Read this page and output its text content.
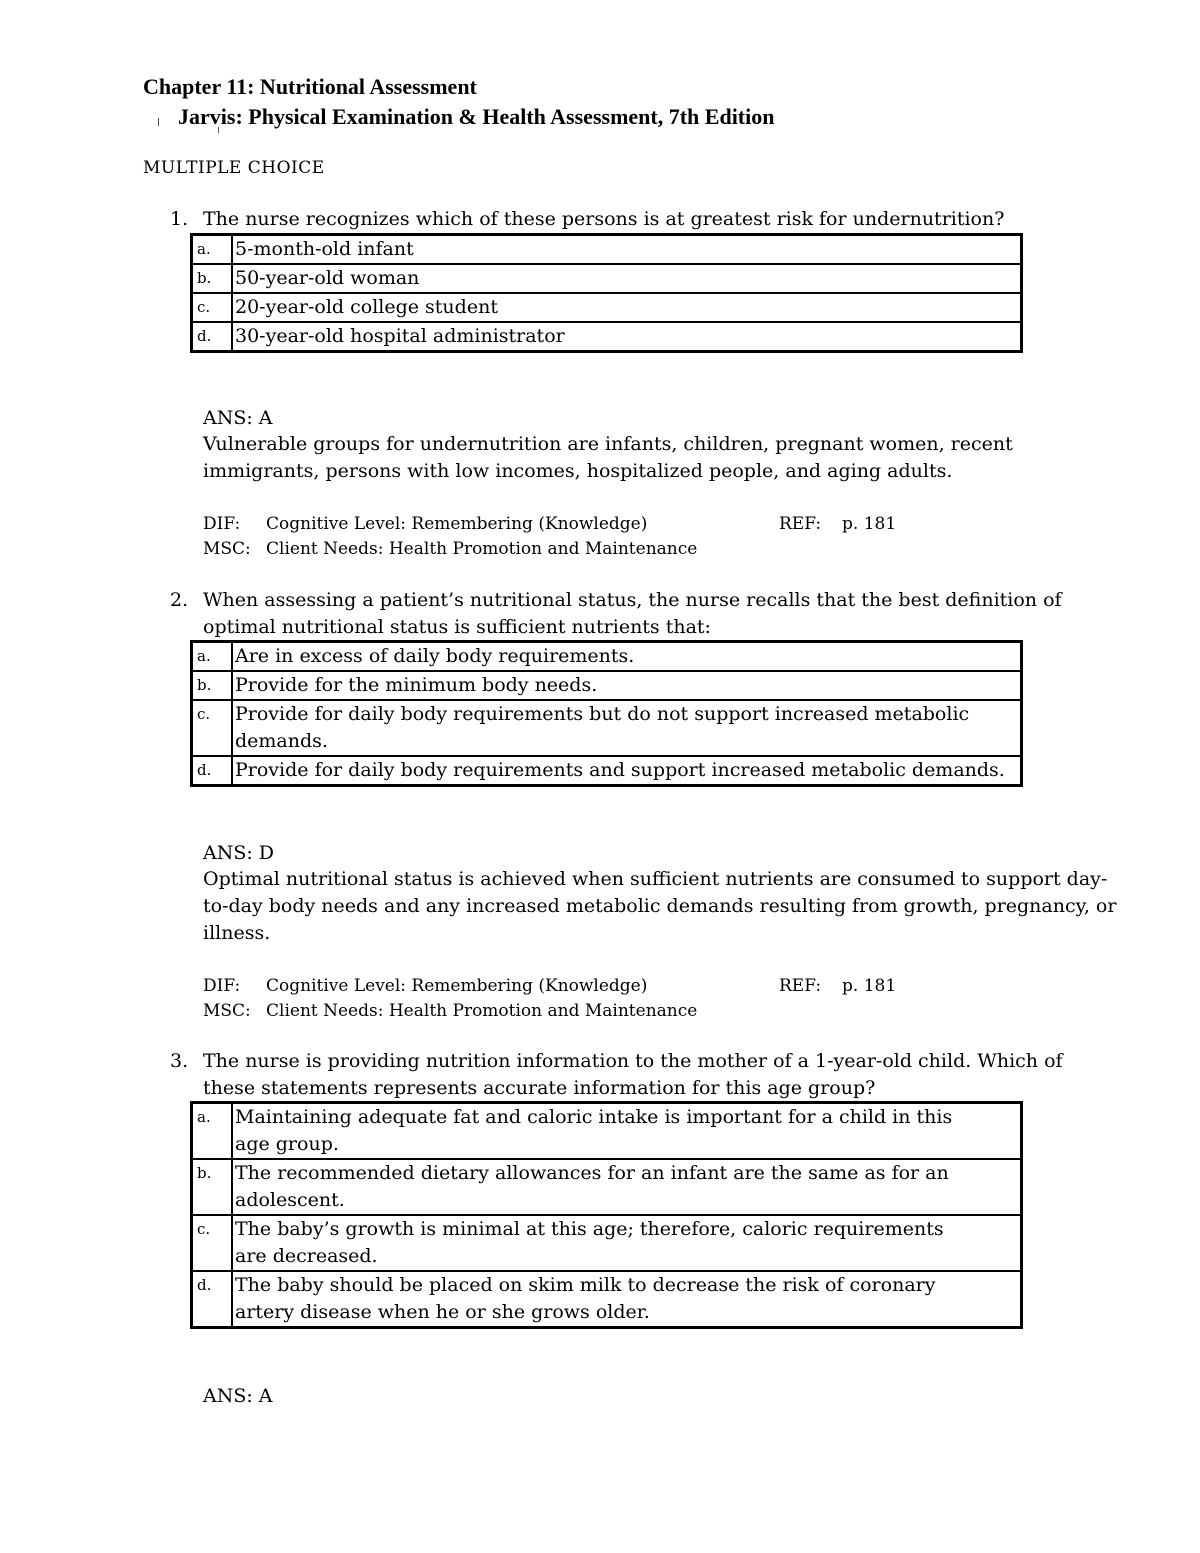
Chapter 11: Nutritional Assessment
Jarvis: Physical Examination & Health Assessment, 7th Edition
MULTIPLE CHOICE
1. The nurse recognizes which of these persons is at greatest risk for undernutrition?
a.	5-month-old infant
b.	50-year-old woman
c.	20-year-old college student
d.	30-year-old hospital administrator
ANS: A
Vulnerable groups for undernutrition are infants, children, pregnant women, recent
immigrants, persons with low incomes, hospitalized people, and aging adults.
DIF: Cognitive Level: Remembering (Knowledge)	REF: p. 181
MSC: Client Needs: Health Promotion and Maintenance
2. When assessing a patient’s nutritional status, the nurse recalls that the best definition of
optimal nutritional status is sufficient nutrients that:
a.	Are in excess of daily body requirements.
b.	Provide for the minimum body needs.
c.	Provide for daily body requirements but do not support increased metabolic demands.
d.	Provide for daily body requirements and support increased metabolic demands.
ANS: D
Optimal nutritional status is achieved when sufficient nutrients are consumed to support day-
to-day body needs and any increased metabolic demands resulting from growth, pregnancy, or
illness.
DIF: Cognitive Level: Remembering (Knowledge)	REF: p. 181
MSC: Client Needs: Health Promotion and Maintenance
3. The nurse is providing nutrition information to the mother of a 1-year-old child. Which of
these statements represents accurate information for this age group?
a.	Maintaining adequate fat and caloric intake is important for a child in this age group.
b.	The recommended dietary allowances for an infant are the same as for an adolescent.
c.	The baby’s growth is minimal at this age; therefore, caloric requirements are decreased.
d.	The baby should be placed on skim milk to decrease the risk of coronary artery disease when he or she grows older.
ANS: A
